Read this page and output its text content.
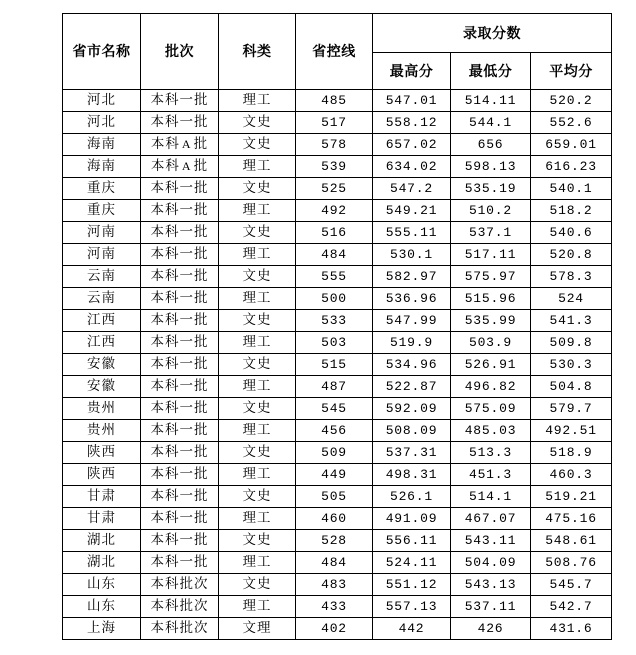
省市名称	批次	科类	省控线	录取分数		
				最高分	最低分	平均分
河北	本科一批	理工	485	547.01	514.11	520.2
河北	本科一批	文史	517	558.12	544.1	552.6
海南	本科 A 批	文史	578	657.02	656	659.01
海南	本科 A 批	理工	539	634.02	598.13	616.23
重庆	本科一批	文史	525	547.2	535.19	540.1
重庆	本科一批	理工	492	549.21	510.2	518.2
河南	本科一批	文史	516	555.11	537.1	540.6
河南	本科一批	理工	484	530.1	517.11	520.8
云南	本科一批	文史	555	582.97	575.97	578.3
云南	本科一批	理工	500	536.96	515.96	524
江西	本科一批	文史	533	547.99	535.99	541.3
江西	本科一批	理工	503	519.9	503.9	509.8
安徽	本科一批	文史	515	534.96	526.91	530.3
安徽	本科一批	理工	487	522.87	496.82	504.8
贵州	本科一批	文史	545	592.09	575.09	579.7
贵州	本科一批	理工	456	508.09	485.03	492.51
陕西	本科一批	文史	509	537.31	513.3	518.9
陕西	本科一批	理工	449	498.31	451.3	460.3
甘肃	本科一批	文史	505	526.1	514.1	519.21
甘肃	本科一批	理工	460	491.09	467.07	475.16
湖北	本科一批	文史	528	556.11	543.11	548.61
湖北	本科一批	理工	484	524.11	504.09	508.76
山东	本科批次	文史	483	551.12	543.13	545.7
山东	本科批次	理工	433	557.13	537.11	542.7
上海	本科批次	文理	402	442	426	431.6
